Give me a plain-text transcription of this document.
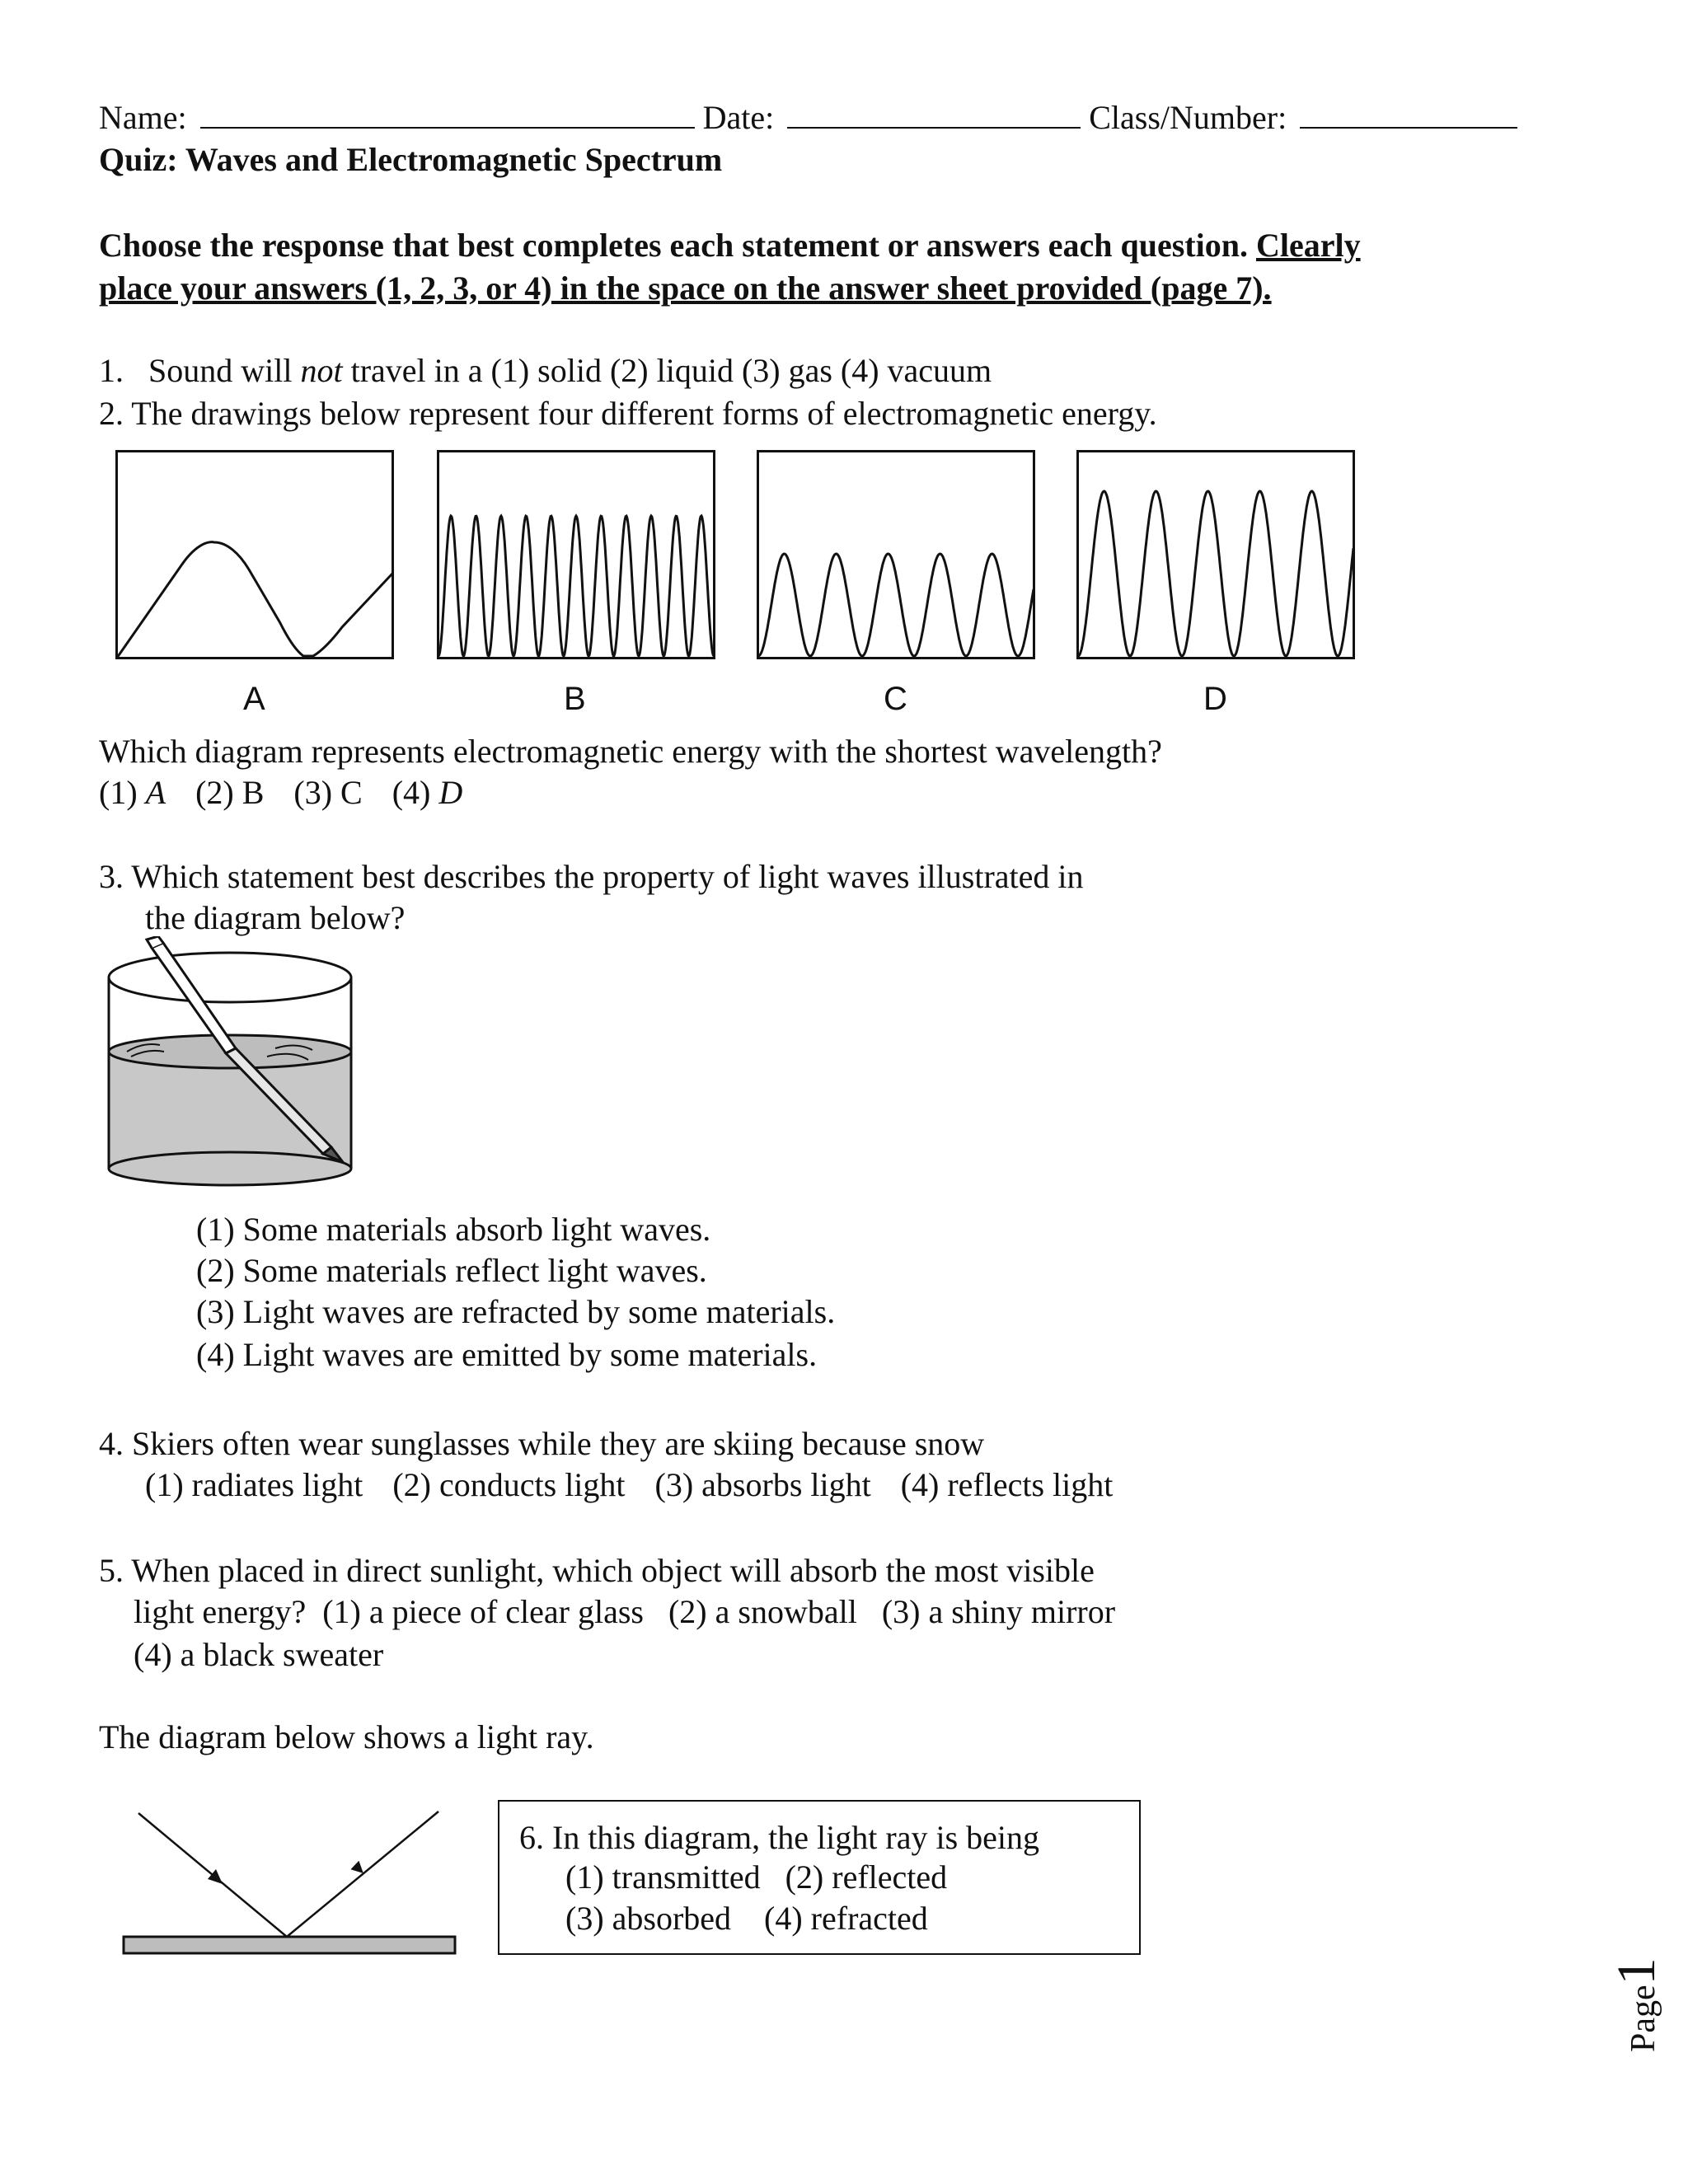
Name:	Date:	Class/Number:
Quiz: Waves and Electromagnetic Spectrum
Choose the response that best completes each statement or answers each question. Clearly
place your answers (1, 2, 3, or 4) in the space on the answer sheet provided (page 7).
1.   Sound will not travel in a (1) solid (2) liquid (3) gas (4) vacuum
2. The drawings below represent four different forms of electromagnetic energy.
A	B	C	D
Which diagram represents electromagnetic energy with the shortest wavelength?
(1) A (2) B (3) C (4) D
3. Which statement best describes the property of light waves illustrated in
the diagram below?
(1) Some materials absorb light waves.
(2) Some materials reflect light waves.
(3) Light waves are refracted by some materials.
(4) Light waves are emitted by some materials.
4. Skiers often wear sunglasses while they are skiing because snow
(1) radiates light (2) conducts light (3) absorbs light (4) reflects light
5. When placed in direct sunlight, which object will absorb the most visible
light energy?  (1) a piece of clear glass   (2) a snowball   (3) a shiny mirror
(4) a black sweater
The diagram below shows a light ray.
6. In this diagram, the light ray is being
(1) transmitted   (2) reflected
(3) absorbed    (4) refracted
Page1
